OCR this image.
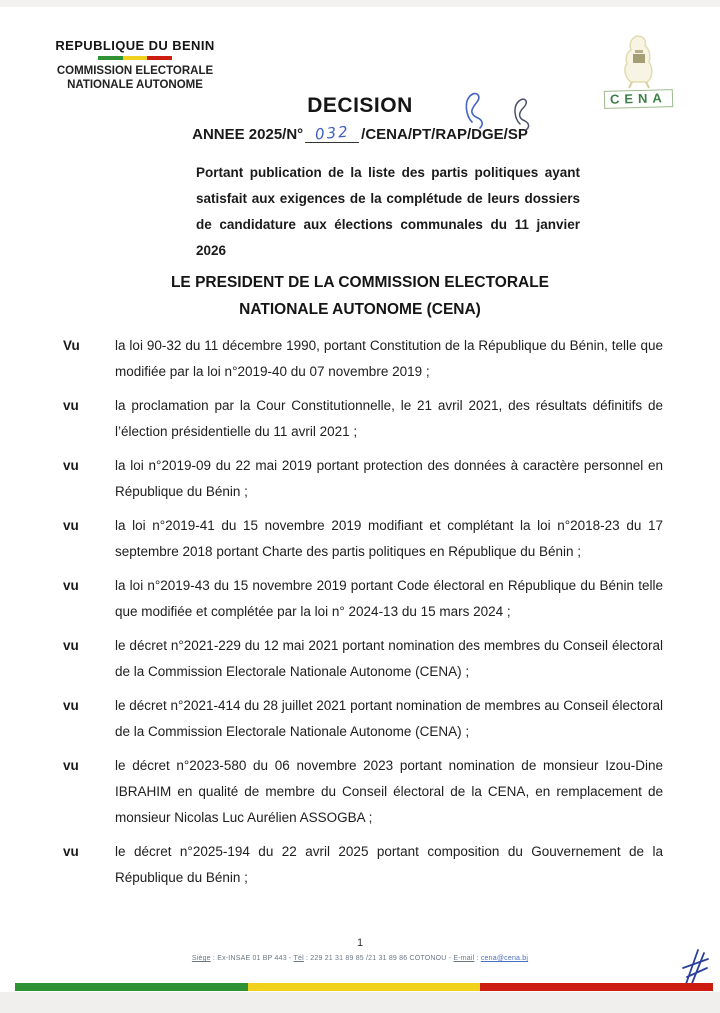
REPUBLIQUE DU BENIN
COMMISSION ELECTORALE
NATIONALE AUTONOME
CENA
DECISION
ANNEE 2025/N° 032 /CENA/PT/RAP/DGE/SP
Portant publication de la liste des partis politiques ayant satisfait aux exigences de la complétude de leurs dossiers de candidature aux élections communales du 11 janvier 2026
LE PRESIDENT DE LA COMMISSION ELECTORALE
NATIONALE AUTONOME (CENA)
Vu	la loi 90-32 du 11 décembre 1990, portant Constitution de la République du Bénin, telle que modifiée par la loi n°2019-40 du 07 novembre 2019 ;
vu	la proclamation par la Cour Constitutionnelle, le 21 avril 2021, des résultats définitifs de l’élection présidentielle du 11 avril 2021 ;
vu	la loi n°2019-09 du 22 mai 2019 portant protection des données à caractère personnel en République du Bénin ;
vu	la loi n°2019-41 du 15 novembre 2019 modifiant et complétant la loi n°2018-23 du 17 septembre 2018 portant Charte des partis politiques en République du Bénin ;
vu	la loi n°2019-43 du 15 novembre 2019 portant Code électoral en République du Bénin telle que modifiée et complétée par la loi n° 2024-13 du 15 mars 2024 ;
vu	le décret n°2021-229 du 12 mai 2021 portant nomination des membres du Conseil électoral de la Commission Electorale Nationale Autonome (CENA) ;
vu	le décret n°2021-414 du 28 juillet 2021 portant nomination de membres au Conseil électoral de la Commission Electorale Nationale Autonome (CENA) ;
vu	le décret n°2023-580 du 06 novembre 2023 portant nomination de monsieur Izou-Dine IBRAHIM en qualité de membre du Conseil électoral de la CENA, en remplacement de monsieur Nicolas Luc Aurélien ASSOGBA ;
vu	le décret n°2025-194 du 22 avril 2025 portant composition du Gouvernement de la République du Bénin ;
1
Siège : Ex-INSAE 01 BP 443 - Tél : 229 21 31 89 85 /21 31 89 86 COTONOU - E-mail : cena@cena.bj
